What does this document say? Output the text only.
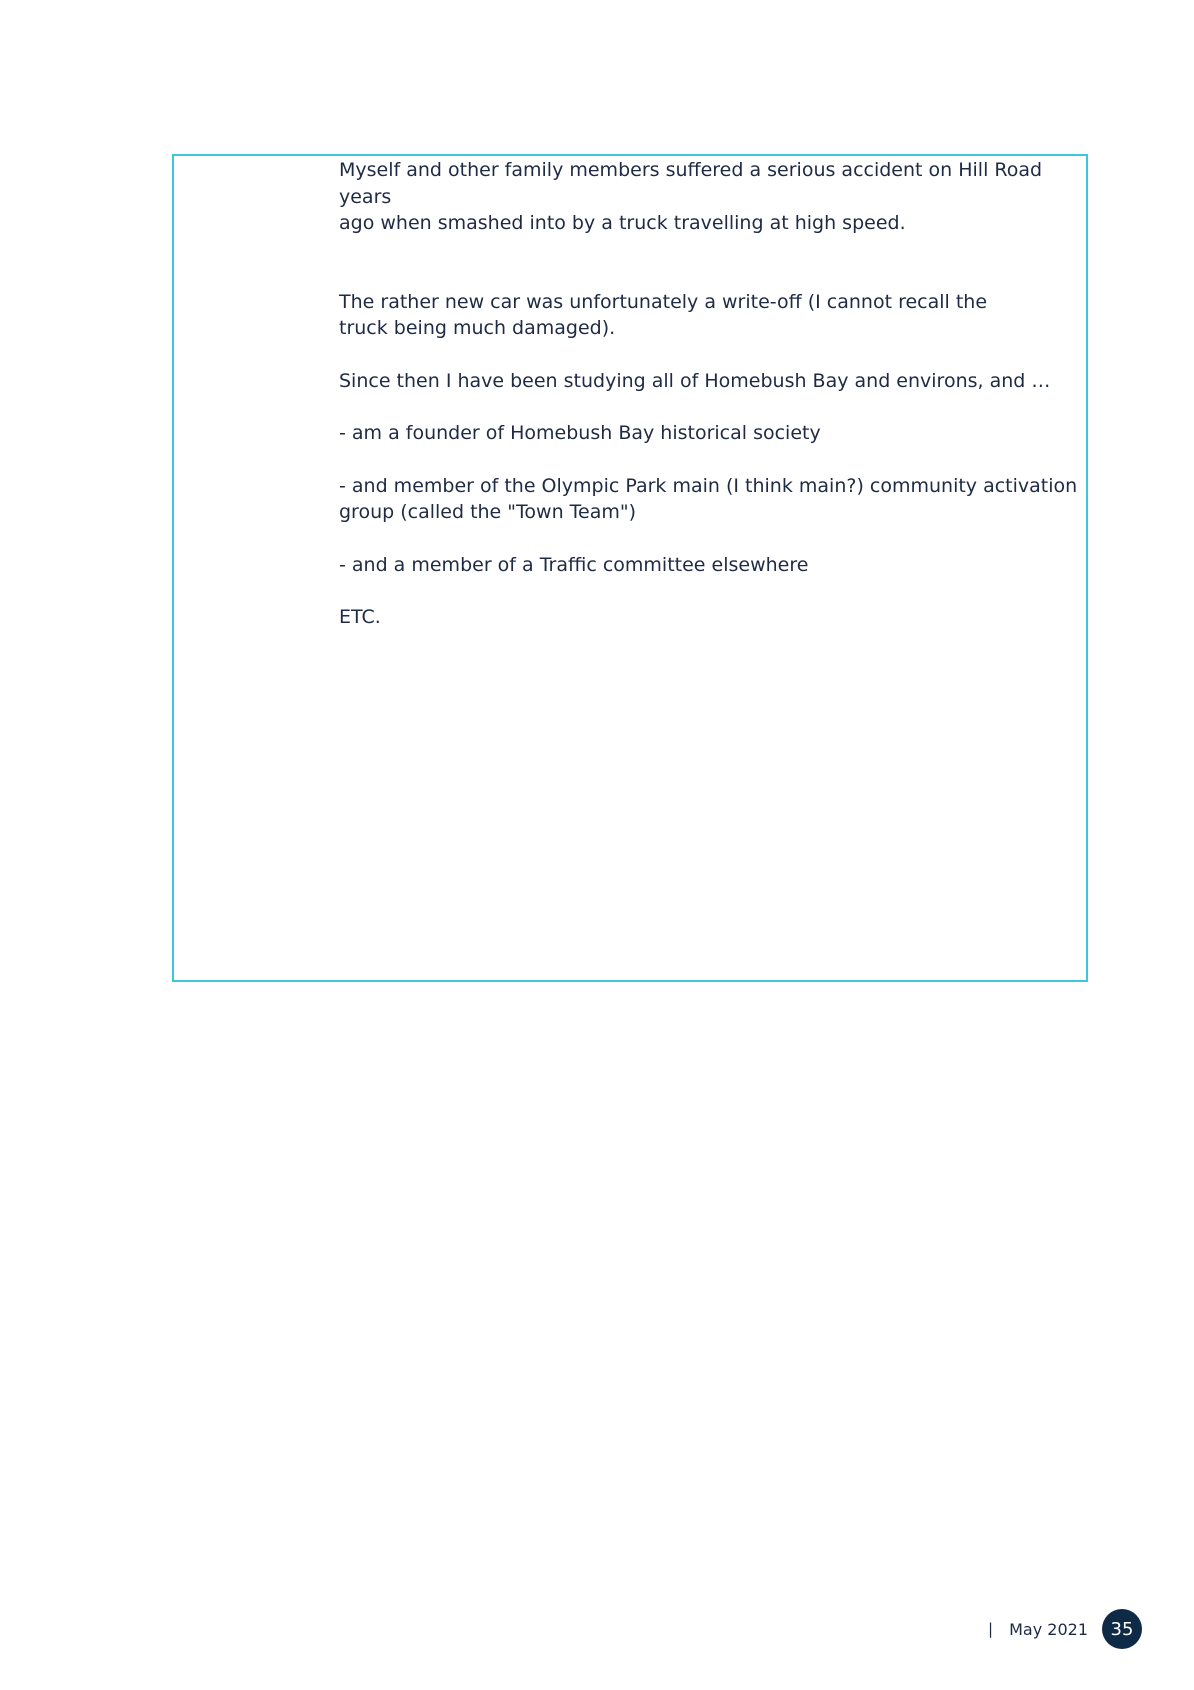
Myself and other family members suffered a serious accident on Hill Road
years
ago when smashed into by a truck travelling at high speed.
The rather new car was unfortunately a write-off (I cannot recall the
truck being much damaged).
Since then I have been studying all of Homebush Bay and environs, and …
- am a founder of Homebush Bay historical society
- and member of the Olympic Park main (I think main?) community activation
group (called the "Town Team")
- and a member of a Traffic committee elsewhere
ETC.
| May 2021	35
